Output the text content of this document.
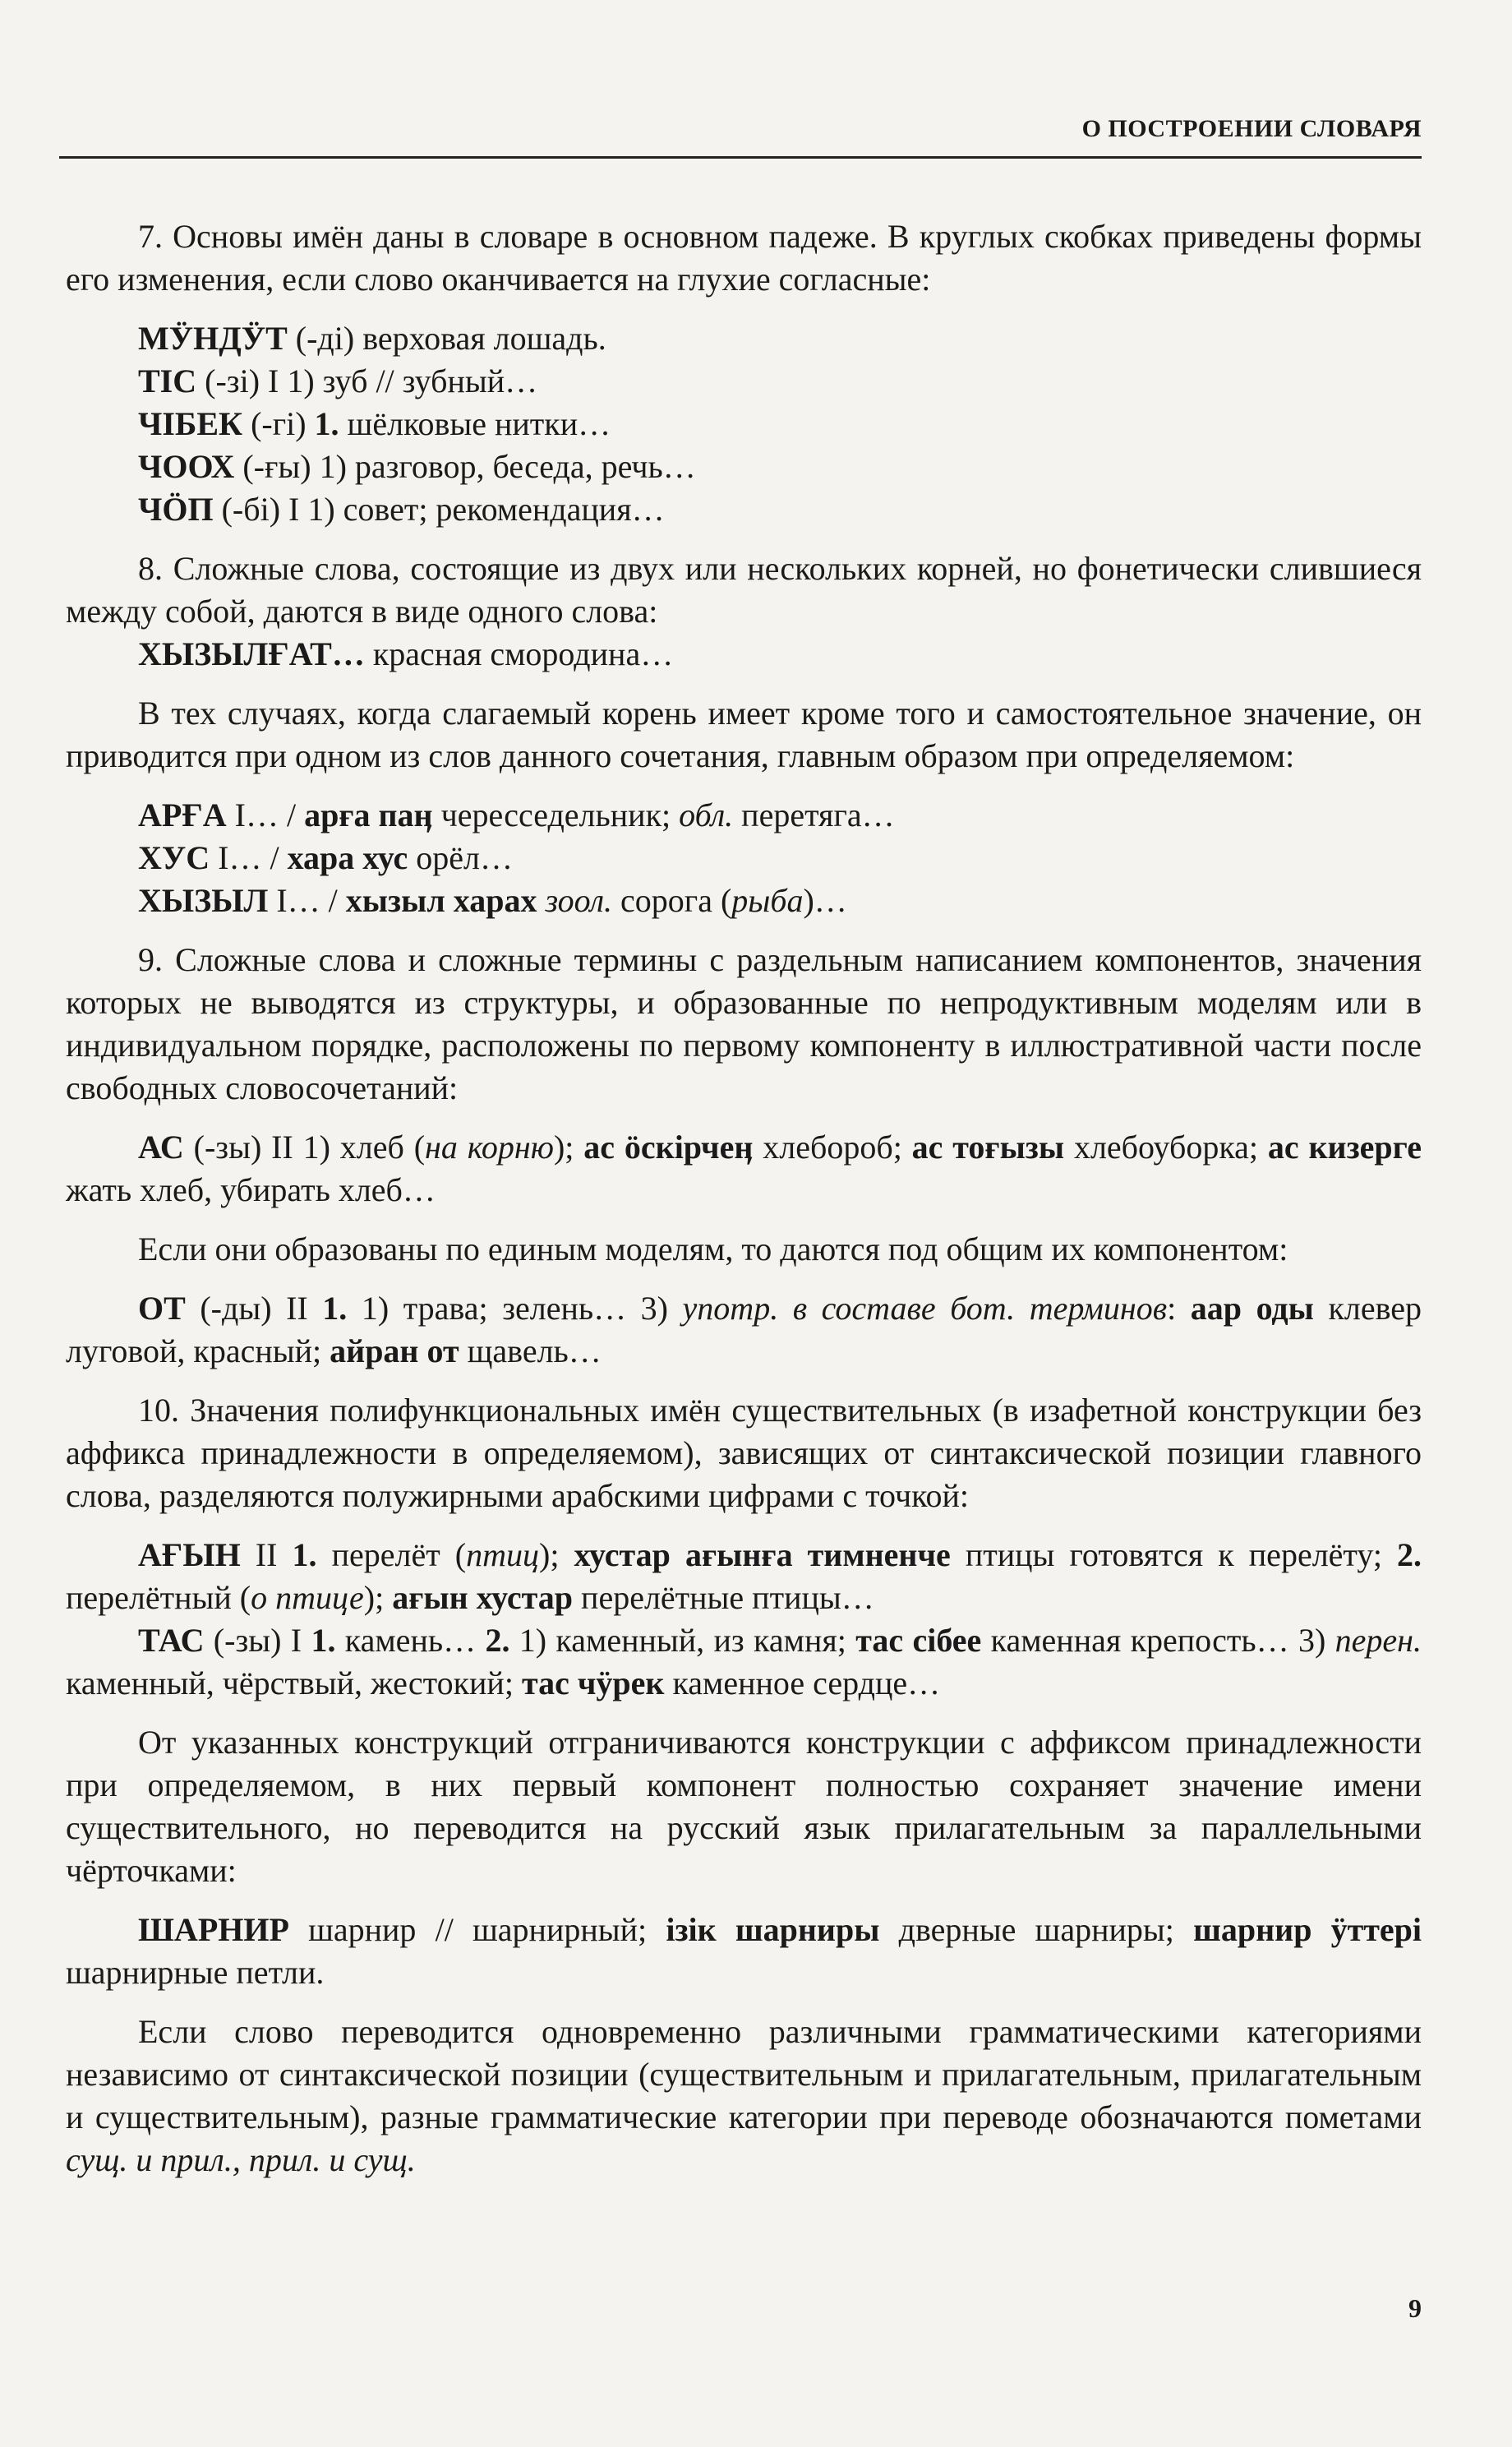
О ПОСТРОЕНИИ СЛОВАРЯ

7. Основы имён даны в словаре в основном падеже. В круглых скобках приведены формы его изменения, если слово оканчивается на глухие согласные:

МӰНДӰТ (-ді) верховая лошадь.

ТІС (-зі) I 1) зуб // зубный…

ЧІБЕК (-гі) 1. шёлковые нитки…

ЧООХ (-ғы) 1) разговор, беседа, речь…

ЧӦП (-бі) I 1) совет; рекомендация…

8. Сложные слова, состоящие из двух или нескольких корней, но фонетически слившиеся между собой, даются в виде одного слова:

ХЫЗЫЛҒАТ… красная смородина…

В тех случаях, когда слагаемый корень имеет кроме того и самостоятельное значение, он приводится при одном из слов данного сочетания, главным образом при определяемом:

АРҒА I… / арға паӊ чересседельник; обл. перетяга…

ХУС I… / хара хус орёл…

ХЫЗЫЛ I… / хызыл харах зоол. сорога (рыба)…

9. Сложные слова и сложные термины с раздельным написанием компонентов, значения которых не выводятся из структуры, и образованные по непродуктивным моделям или в индивидуальном порядке, расположены по первому компоненту в иллюстративной части после свободных словосочетаний:

АС (-зы) II 1) хлеб (на корню); ас ӧскірчеӊ хлебороб; ас тоғызы хлебоуборка; ас кизерге жать хлеб, убирать хлеб…

Если они образованы по единым моделям, то даются под общим их компонентом:

ОТ (-ды) II 1. 1) трава; зелень… 3) употр. в составе бот. терминов: аар оды клевер луговой, красный; айран от щавель…

10. Значения полифункциональных имён существительных (в изафетной конструкции без аффикса принадлежности в определяемом), зависящих от синтаксической позиции главного слова, разделяются полужирными арабскими цифрами с точкой:

АҒЫН II 1. перелёт (птиц); хустар ағынға тимненче птицы готовятся к перелёту; 2. перелётный (о птице); ағын хустар перелётные птицы…

ТАС (-зы) I 1. камень… 2. 1) каменный, из камня; тас сібее каменная крепость… 3) перен. каменный, чёрствый, жестокий; тас чӱрек каменное сердце…

От указанных конструкций отграничиваются конструкции с аффиксом принадлежности при определяемом, в них первый компонент полностью сохраняет значение имени существительного, но переводится на русский язык прилагательным за параллельными чёрточками:

ШАРНИР шарнир // шарнирный; ізік шарниры дверные шарниры; шарнир ӱттері шарнирные петли.

Если слово переводится одновременно различными грамматическими категориями независимо от синтаксической позиции (существительным и прилагательным, прилагательным и существительным), разные грамматические категории при переводе обозначаются пометами сущ. и прил., прил. и сущ.

9
